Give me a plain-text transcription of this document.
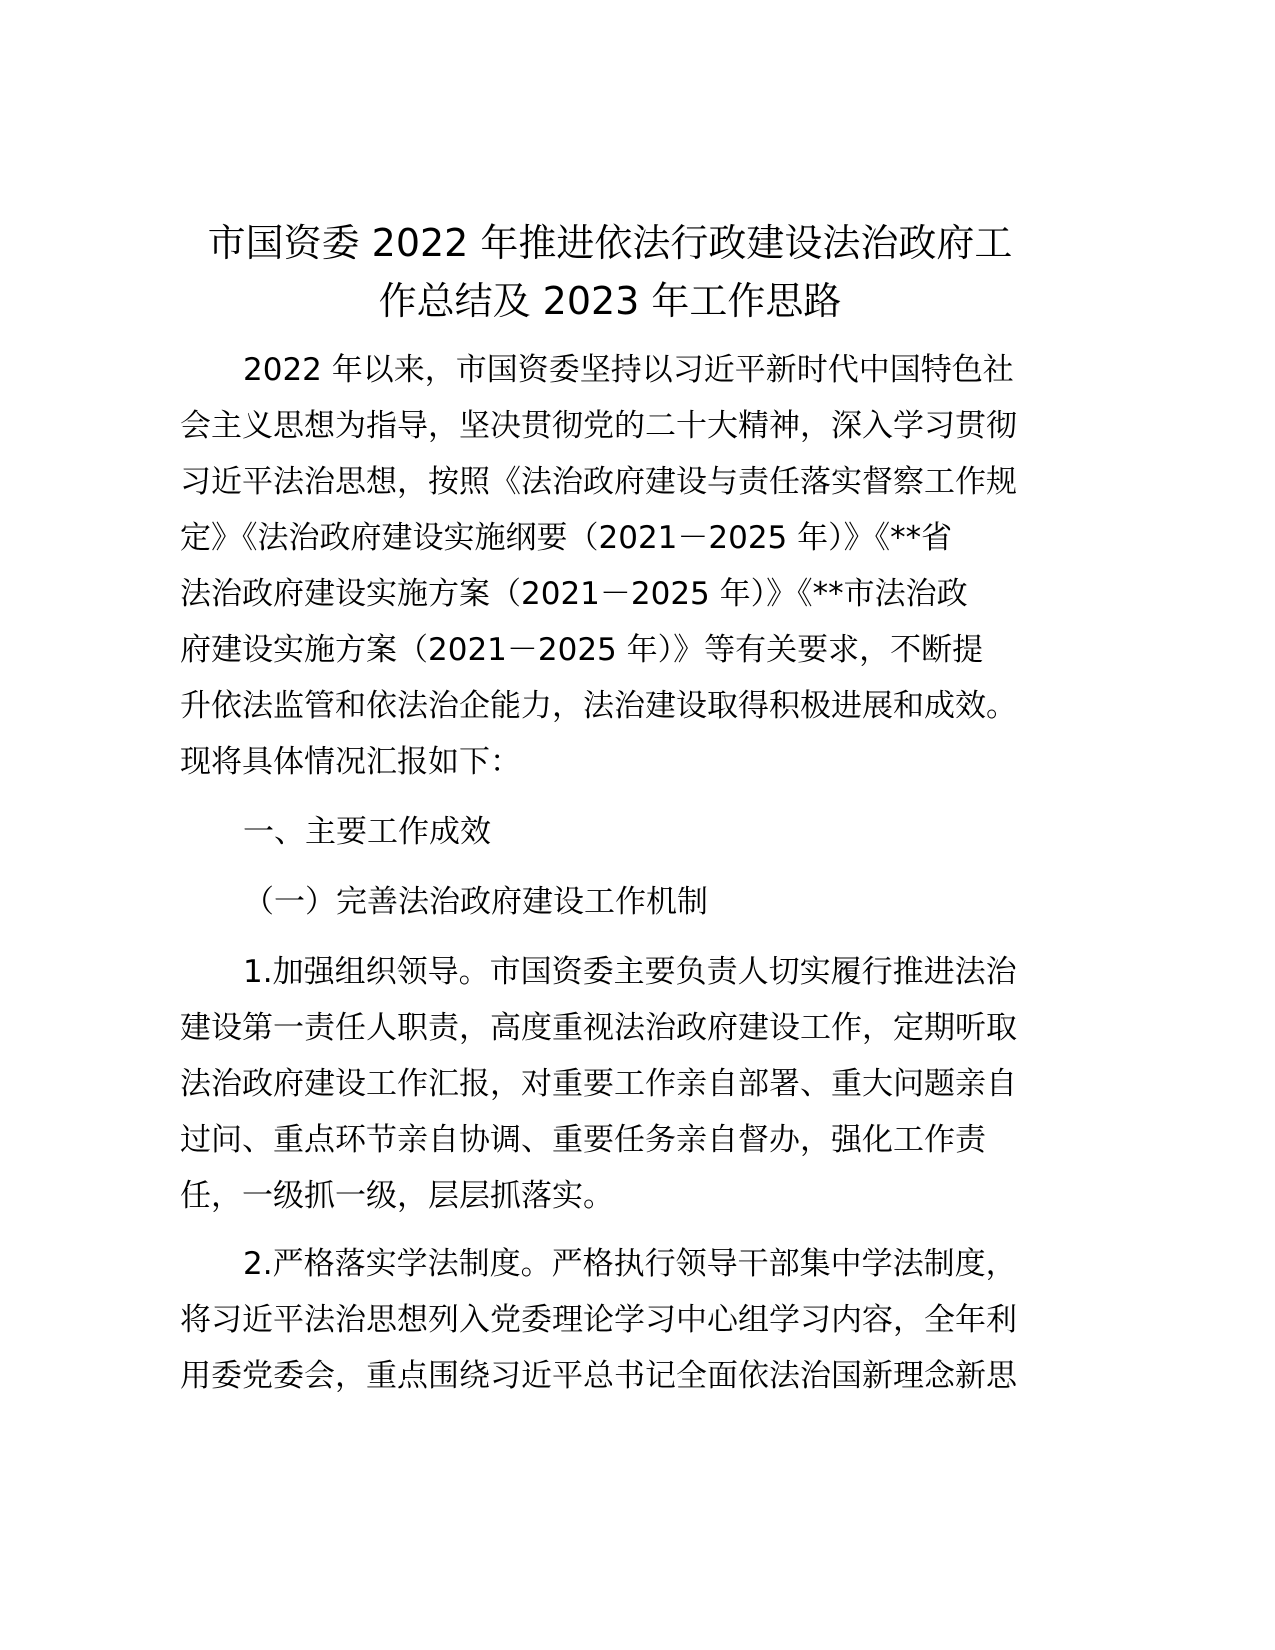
市国资委 2022 年推进依法行政建设法治政府工
作总结及 2023 年工作思路
2022 年以来，市国资委坚持以习近平新时代中国特色社
会主义思想为指导，坚决贯彻党的二十大精神，深入学习贯彻
习近平法治思想，按照《法治政府建设与责任落实督察工作规
定》《法治政府建设实施纲要（2021－2025 年）》《**省
法治政府建设实施方案（2021－2025 年）》《**市法治政
府建设实施方案（2021－2025 年）》等有关要求，不断提
升依法监管和依法治企能力，法治建设取得积极进展和成效。
现将具体情况汇报如下：
一、主要工作成效
（一）完善法治政府建设工作机制
1.加强组织领导。市国资委主要负责人切实履行推进法治
建设第一责任人职责，高度重视法治政府建设工作，定期听取
法治政府建设工作汇报，对重要工作亲自部署、重大问题亲自
过问、重点环节亲自协调、重要任务亲自督办，强化工作责
任，一级抓一级，层层抓落实。
2.严格落实学法制度。严格执行领导干部集中学法制度，
将习近平法治思想列入党委理论学习中心组学习内容，全年利
用委党委会，重点围绕习近平总书记全面依法治国新理念新思
